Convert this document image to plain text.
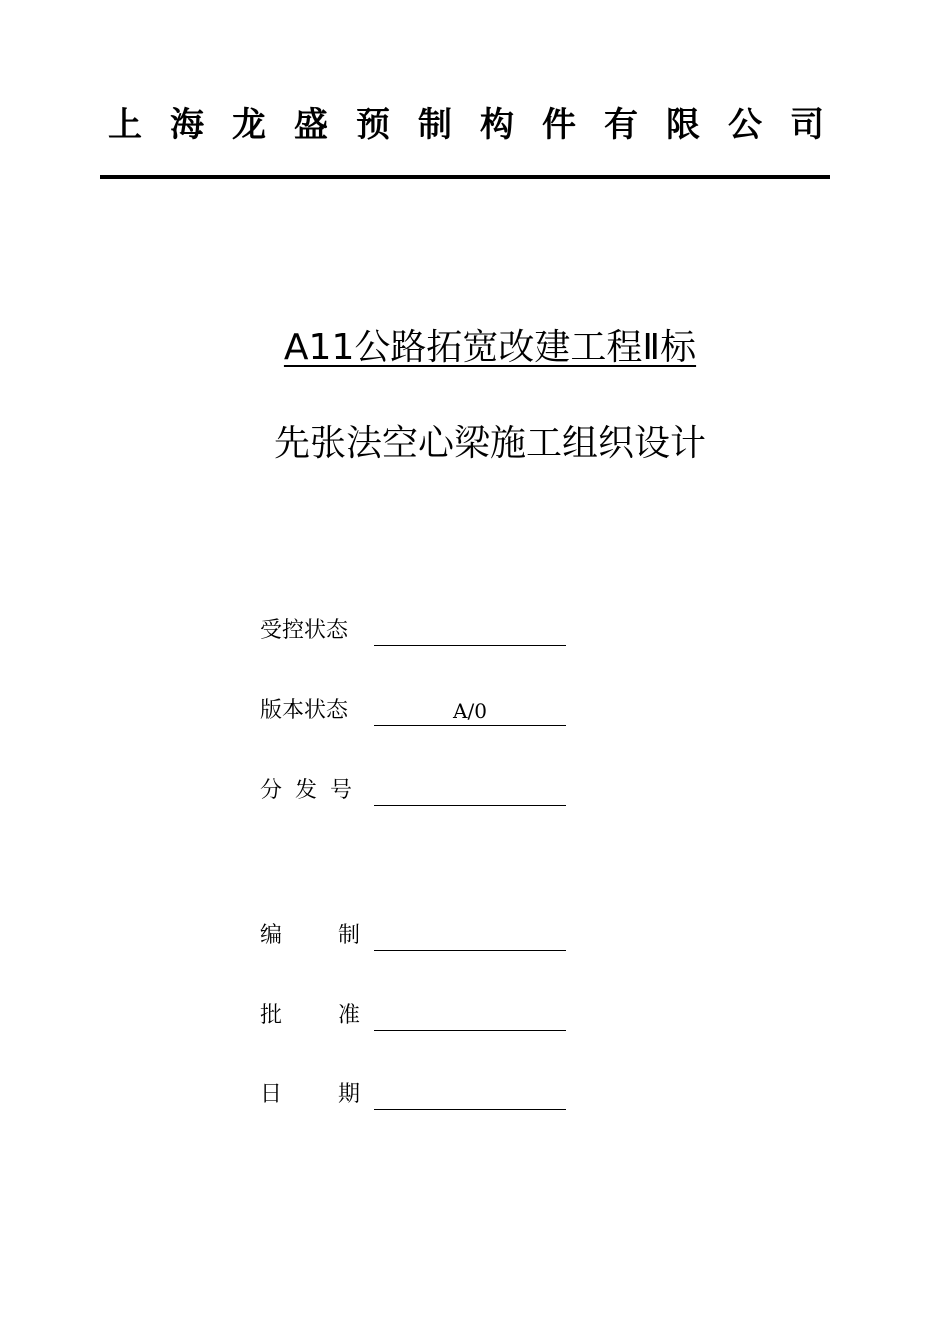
上海龙盛预制构件有限公司
A11公路拓宽改建工程Ⅱ标
先张法空心梁施工组织设计
受控状态
版本状态	A/0
分发号
编制
批准
日期
